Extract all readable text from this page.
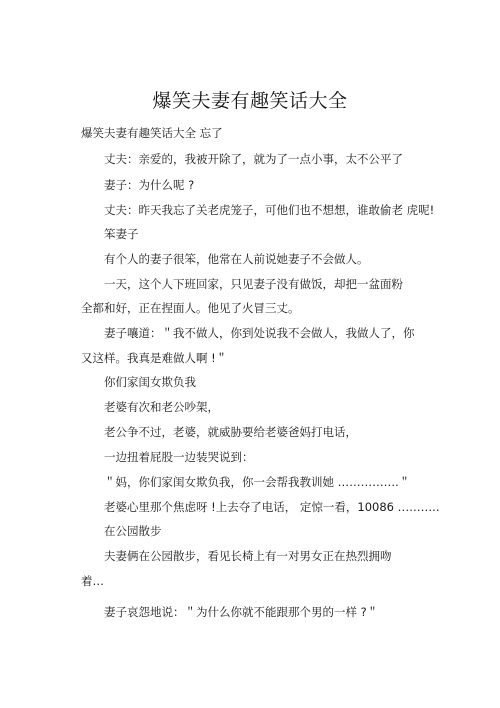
爆笑夫妻有趣笑话大全
爆笑夫妻有趣笑话大全 忘了
丈夫：亲爱的，我被开除了，就为了一点小事，太不公平了
妻子：为什么呢 ?
丈夫：昨天我忘了关老虎笼子，可他们也不想想，谁敢偷老 虎呢!
笨妻子
有个人的妻子很笨，他常在人前说她妻子不会做人。
一天，这个人下班回家，只见妻子没有做饭，却把一盆面粉
全都和好，正在捏面人。他见了火冒三丈。
妻子嚷道：＂我不做人，你到处说我不会做人，我做人了，你
又这样。我真是难做人啊 !＂
你们家闺女欺负我
老婆有次和老公吵架，
老公争不过，老婆，就威胁要给老婆爸妈打电话，
一边扭着屁股一边装哭说到：
＂妈，你们家闺女欺负我，你一会帮我教训她 …………….＂
老婆心里那个焦虑呀 !上去夺了电话， 定惊一看，10086 ………..
在公园散步
夫妻俩在公园散步，看见长椅上有一对男女正在热烈拥吻
着…
妻子哀怨地说：＂为什么你就不能跟那个男的一样 ?＂
